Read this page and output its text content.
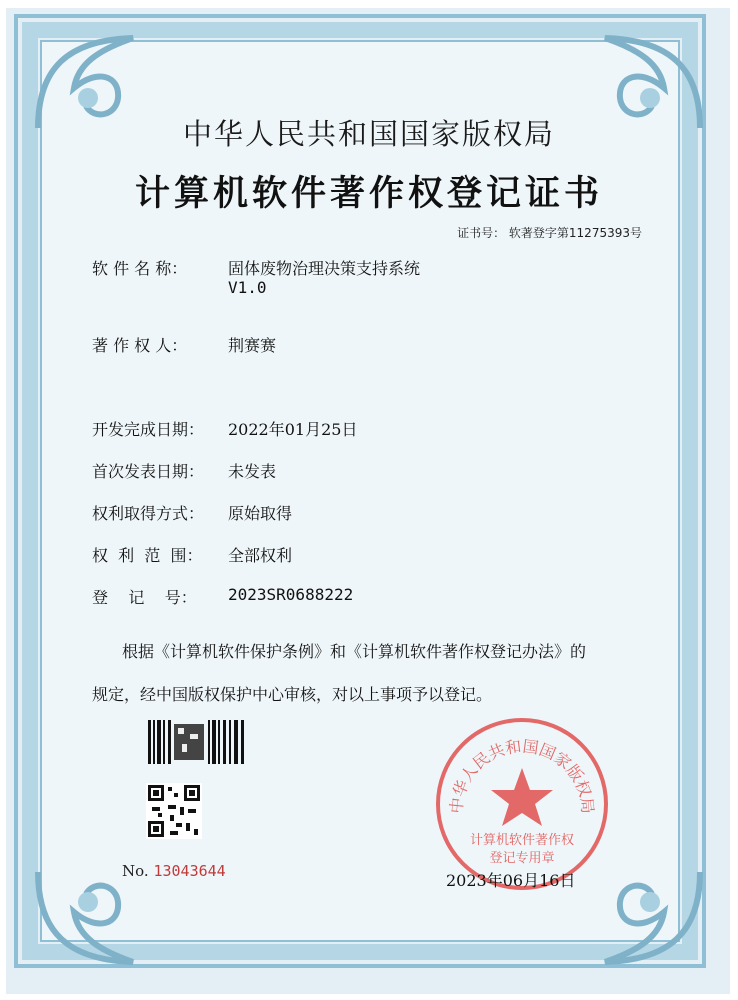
中华人民共和国国家版权局
计算机软件著作权登记证书
证书号： 软著登字第11275393号
软 件 名 称：	固体废物治理决策支持系统
V1.0
著 作 权 人：	荆赛赛
开发完成日期： 2022年01月25日
首次发表日期： 未发表
权利取得方式： 原始取得
权  利  范  围： 全部权利
登    记    号： 2023SR0688222
根据《计算机软件保护条例》和《计算机软件著作权登记办法》的
规定，经中国版权保护中心审核，对以上事项予以登记。
No. 13043644
中华人民共和国国家版权局
计算机软件著作权
登记专用章
2023年06月16日
